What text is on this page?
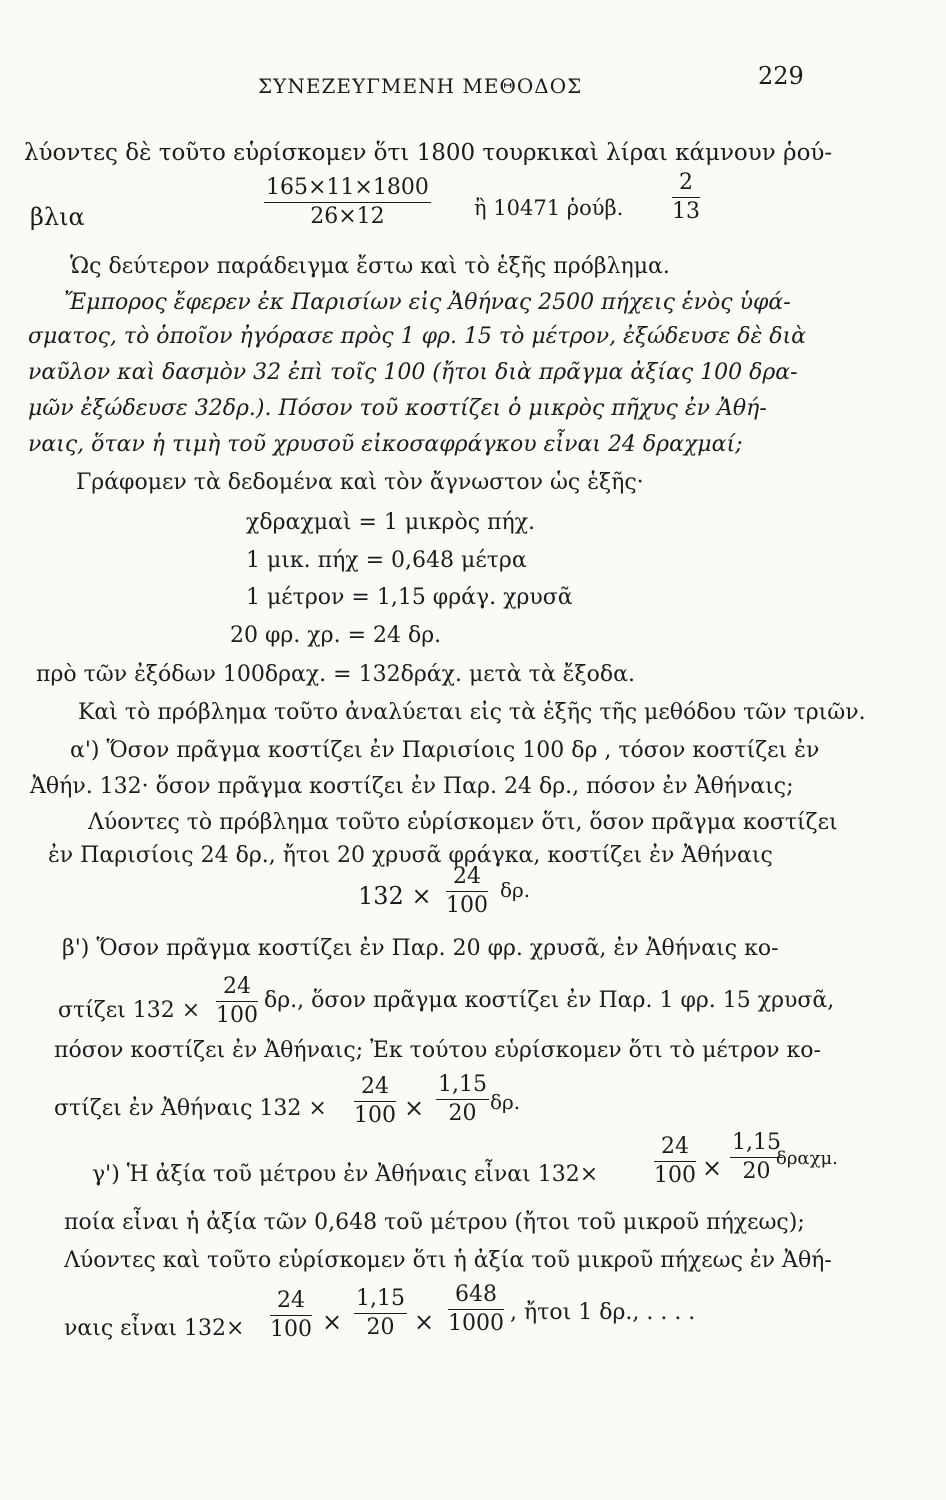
ΣΥΝΕΖΕΥΓΜΕΝΗ ΜΕΘΟΔΟΣ	229
λύοντες δὲ τοῦτο εὑρίσκομεν ὅτι 1800 τουρκικαὶ λίραι κάμνουν ῥού-
βλια	$\frac{165\times 11\times 1800}{26\times 12}$ ἢ 10471 ῥούβ. $\frac{2}{13}$
Ὡς δεύτερον παράδειγμα ἔστω καὶ τὸ ἑξῆς πρόβλημα.
Ἔμπορος ἔφερεν ἐκ Παρισίων εἰς Ἀθήνας 2500 πήχεις ἑνὸς ὑφά-
σματος, τὸ ὁποῖον ἠγόρασε πρὸς 1 φρ. 15 τὸ μέτρον, ἐξώδευσε δὲ διὰ
ναῦλον καὶ δασμὸν 32 ἐπὶ τοῖς 100 (ἤτοι διὰ πρᾶγμα ἀξίας 100 δρα-
μῶν ἐξώδευσε 32δρ.). Πόσον τοῦ κοστίζει ὁ μικρὸς πῆχυς ἐν Ἀθή-
ναις, ὅταν ἡ τιμὴ τοῦ χρυσοῦ εἰκοσαφράγκου εἶναι 24 δραχμαί;
Γράφομεν τὰ δεδομένα καὶ τὸν ἄγνωστον ὡς ἑξῆς·
χδραχμαὶ = 1 μικρὸς πήχ.
1 μικ. πήχ = 0,648 μέτρα
1 μέτρον = 1,15 φράγ. χρυσᾶ
20 φρ. χρ. = 24 δρ.
πρὸ τῶν ἐξόδων 100δραχ. = 132δράχ. μετὰ τὰ ἔξοδα.
Καὶ τὸ πρόβλημα τοῦτο ἀναλύεται εἰς τὰ ἑξῆς τῆς μεθόδου τῶν τριῶν.
α') Ὅσον πρᾶγμα κοστίζει ἐν Παρισίοις 100 δρ , τόσον κοστίζει ἐν
Ἀθήν. 132· ὅσον πρᾶγμα κοστίζει ἐν Παρ. 24 δρ., πόσον ἐν Ἀθήναις;
Λύοντες τὸ πρόβλημα τοῦτο εὑρίσκομεν ὅτι, ὅσον πρᾶγμα κοστίζει
ἐν Παρισίοις 24 δρ., ἤτοι 20 χρυσᾶ φράγκα, κοστίζει ἐν Ἀθήναις
$132 \times \frac{24}{100} \delta\rho$.
β') Ὅσον πρᾶγμα κοστίζει ἐν Παρ. 20 φρ. χρυσᾶ, ἐν Ἀθήναις κο-
στίζει $132 \times \frac{24}{100} \delta\rho$., ὅσον πρᾶγμα κοστίζει ἐν Παρ. 1 φρ. 15 χρυσᾶ,
πόσον κοστίζει ἐν Ἀθήναις; Ἐκ τούτου εὑρίσκομεν ὅτι τὸ μέτρον κο-
στίζει ἐν Ἀθήναις $132 \times \frac{24}{100} \times \frac{1,15}{20} \delta\rho$.
γ') Ἡ ἀξία τοῦ μέτρου ἐν Ἀθήναις εἶναι 132×	$\frac{24}{100} \times \frac{1,15}{20}$
δραχμ.
ποία εἶναι ἡ ἀξία τῶν 0,648 τοῦ μέτρου (ἤτοι τοῦ μικροῦ πήχεως);
Λύοντες καὶ τοῦτο εὑρίσκομεν ὅτι ἡ ἀξία τοῦ μικροῦ πήχεως ἐν Ἀθή-
ναις εἶναι $132\times \frac{24}{100} \times \frac{1,15}{20} \times \frac{648}{1000}$ , ἤτοι 1 δρ., . . . .
